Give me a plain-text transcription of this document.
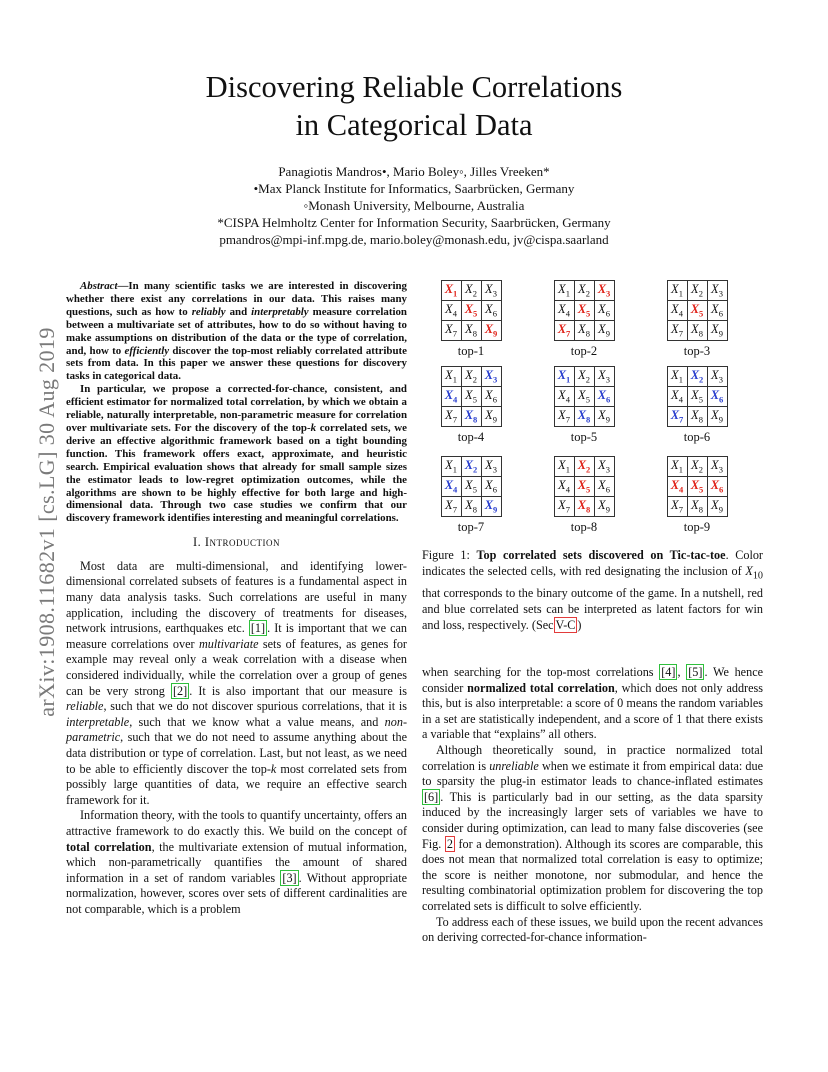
Discovering Reliable Correlations
in Categorical Data
Panagiotis Mandros•, Mario Boley◦, Jilles Vreeken*
•Max Planck Institute for Informatics, Saarbrücken, Germany
◦Monash University, Melbourne, Australia
*CISPA Helmholtz Center for Information Security, Saarbrücken, Germany
pmandros@mpi-inf.mpg.de, mario.boley@monash.edu, jv@cispa.saarland
arXiv:1908.11682v1 [cs.LG] 30 Aug 2019

Abstract—In many scientific tasks we are interested in discovering whether there exist any correlations in our data. This raises many questions, such as how to reliably and interpretably measure correlation between a multivariate set of attributes, how to do so without having to make assumptions on distribution of the data or the type of correlation, and, how to efficiently discover the top-most reliably correlated attribute sets from data. In this paper we answer these questions for discovery tasks in categorical data.

In particular, we propose a corrected-for-chance, consistent, and efficient estimator for normalized total correlation, by which we obtain a reliable, naturally interpretable, non-parametric measure for correlation over multivariate sets. For the discovery of the top-k correlated sets, we derive an effective algorithmic framework based on a tight bounding function. This framework offers exact, approximate, and heuristic search. Empirical evaluation shows that already for small sample sizes the estimator leads to low-regret optimization outcomes, while the algorithms are shown to be highly effective for both large and high-dimensional data. Through two case studies we confirm that our discovery framework identifies interesting and meaningful correlations.

I. Introduction

Most data are multi-dimensional, and identifying lower-dimensional correlated subsets of features is a fundamental aspect in many data analysis tasks. Such correlations are useful in many application, including the discovery of treatments for diseases, network intrusions, earthquakes etc. [1] . It is important that we can measure correlations over multivariate sets of features, as genes for example may reveal only a weak correlation with a disease when considered individually, while the correlation over a group of genes can be very strong [2] . It is also important that our measure is reliable, such that we do not discover spurious correlations, that it is interpretable, such that we know what a value means, and non-parametric, such that we do not need to assume anything about the data distribution or type of correlation. Last, but not least, as we need to be able to efficiently discover the top-k most correlated sets from possibly large quantities of data, we require an effective search framework for it.

Information theory, with the tools to quantify uncertainty, offers an attractive framework to do exactly this. We build on the concept of total correlation, the multivariate extension of mutual information, which non-parametrically quantifies the amount of shared information in a set of random variables [3] . Without appropriate normalization, however, scores over sets of different cardinalities are not comparable, which is a problem

$X_1$	$X_2$	$X_3$
$X_4$	$X_5$	$X_6$
$X_7$	$X_8$	$X_9$
top-1
$X_1$	$X_2$	$X_3$
$X_4$	$X_5$	$X_6$
$X_7$	$X_8$	$X_9$
top-2
$X_1$	$X_2$	$X_3$
$X_4$	$X_5$	$X_6$
$X_7$	$X_8$	$X_9$
top-3
$X_1$	$X_2$	$X_3$
$X_4$	$X_5$	$X_6$
$X_7$	$X_8$	$X_9$
top-4
$X_1$	$X_2$	$X_3$
$X_4$	$X_5$	$X_6$
$X_7$	$X_8$	$X_9$
top-5
$X_1$	$X_2$	$X_3$
$X_4$	$X_5$	$X_6$
$X_7$	$X_8$	$X_9$
top-6
$X_1$	$X_2$	$X_3$
$X_4$	$X_5$	$X_6$
$X_7$	$X_8$	$X_9$
top-7
$X_1$	$X_2$	$X_3$
$X_4$	$X_5$	$X_6$
$X_7$	$X_8$	$X_9$
top-8
$X_1$	$X_2$	$X_3$
$X_4$	$X_5$	$X_6$
$X_7$	$X_8$	$X_9$
top-9
Figure 1: Top correlated sets discovered on Tic-tac-toe. Color indicates the selected cells, with red designating the inclusion of $X_{10}$ that corresponds to the binary outcome of the game. In a nutshell, red and blue correlated sets can be interpreted as latent factors for win and loss, respectively. (Sec V-C )

when searching for the top-most correlations [4] , [5] . We hence consider normalized total correlation, which does not only address this, but is also interpretable: a score of 0 means the random variables in a set are statistically independent, and a score of 1 that there exists a variable that “explains” all others.

Although theoretically sound, in practice normalized total correlation is unreliable when we estimate it from empirical data: due to sparsity the plug-in estimator leads to chance-inflated estimates [6] . This is particularly bad in our setting, as the data sparsity induced by the increasingly larger sets of variables we have to consider during optimization, can lead to many false discoveries (see Fig. 2 for a demonstration). Although its scores are comparable, this does not mean that normalized total correlation is easy to optimize; the score is neither monotone, nor submodular, and hence the resulting combinatorial optimization problem for discovering the top correlated sets is difficult to solve efficiently.

To address each of these issues, we build upon the recent advances on deriving corrected-for-chance information-
